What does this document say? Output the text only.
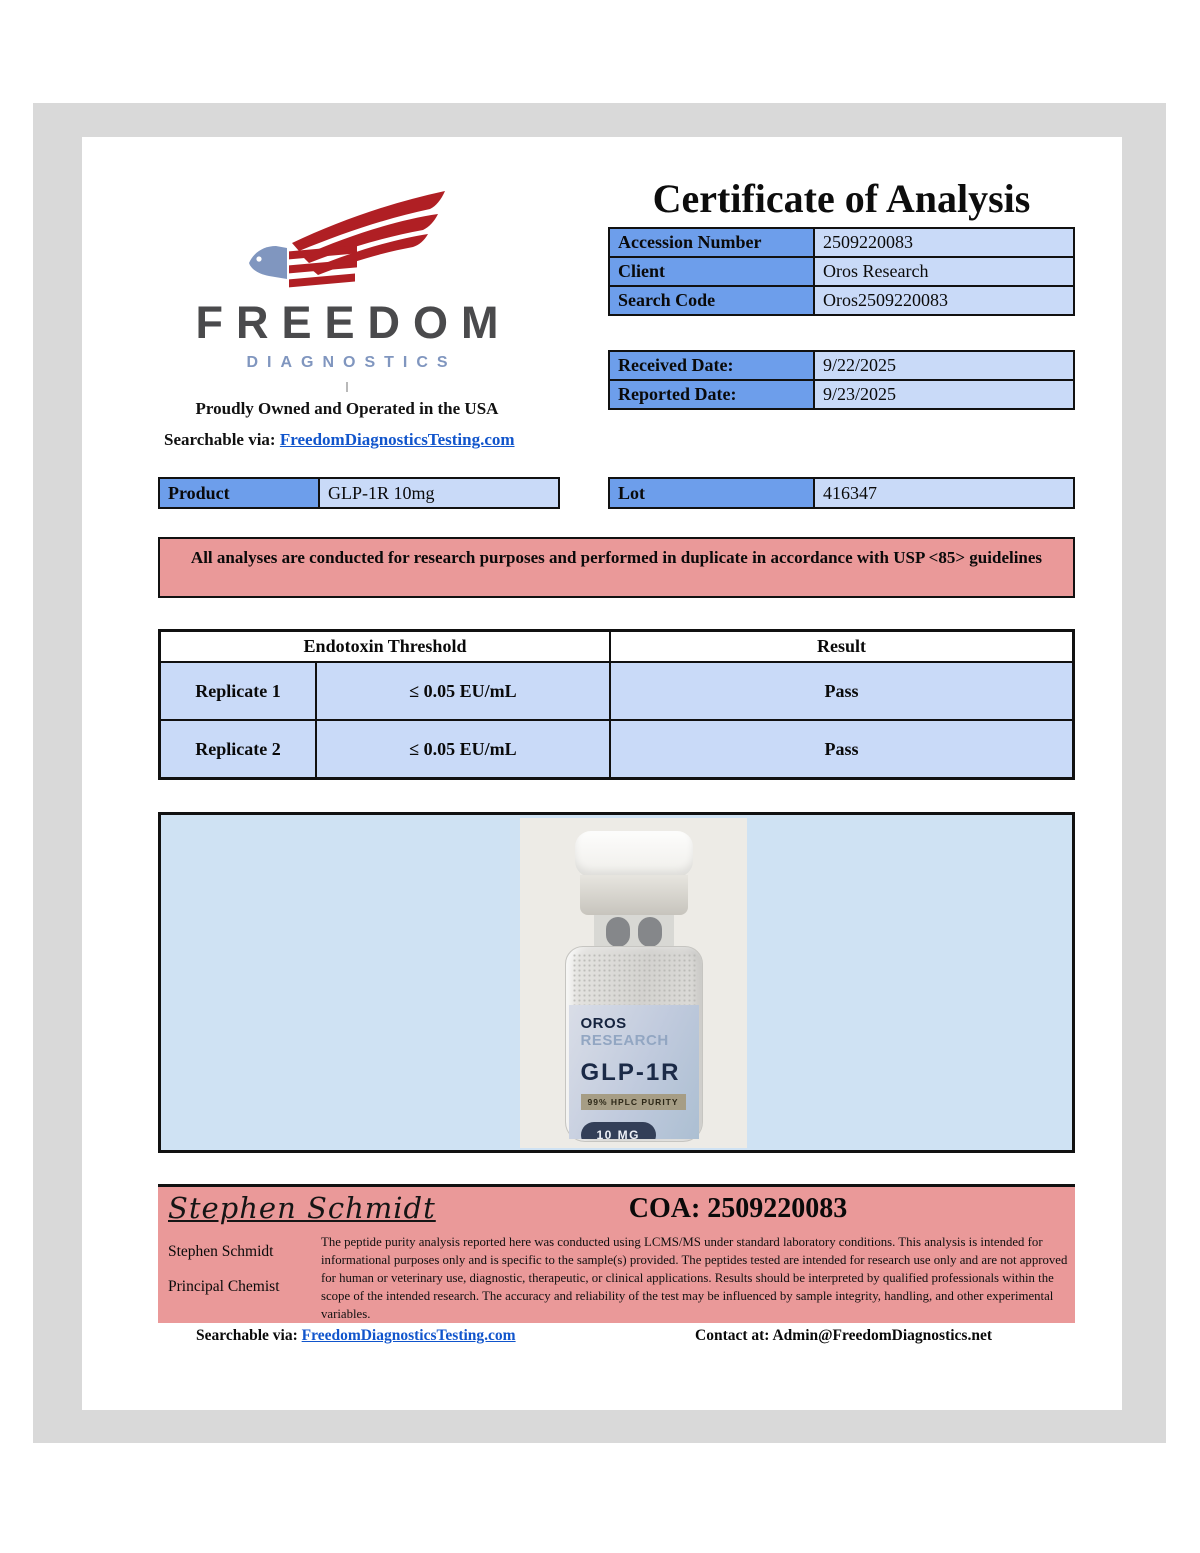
FREEDOM
DIAGNOSTICS
Proudly Owned and Operated in the USA
Searchable via: FreedomDiagnosticsTesting.com
Certificate of Analysis
Accession Number	2509220083
Client	Oros Research
Search Code	Oros2509220083
Received Date:	9/22/2025
Reported Date:	9/23/2025
Product	GLP-1R 10mg	Lot	416347
All analyses are conducted for research purposes and performed in duplicate in accordance with USP <85> guidelines
Endotoxin Threshold	Result
Replicate 1	≤ 0.05 EU/mL	Pass
Replicate 2	≤ 0.05 EU/mL	Pass
OROS RESEARCH
GLP-1R
99% HPLC PURITY
10 MG
Stephen Schmidt
Stephen Schmidt
Principal Chemist
COA: 2509220083
The peptide purity analysis reported here was conducted using LCMS/MS under standard laboratory conditions. This analysis is intended for informational purposes only and is specific to the sample(s) provided. The peptides tested are intended for research use only and are not approved for human or veterinary use, diagnostic, therapeutic, or clinical applications. Results should be interpreted by qualified professionals within the scope of the intended research. The accuracy and reliability of the test may be influenced by sample integrity, handling, and other experimental variables.
Searchable via: FreedomDiagnosticsTesting.com	Contact at: Admin@FreedomDiagnostics.net
